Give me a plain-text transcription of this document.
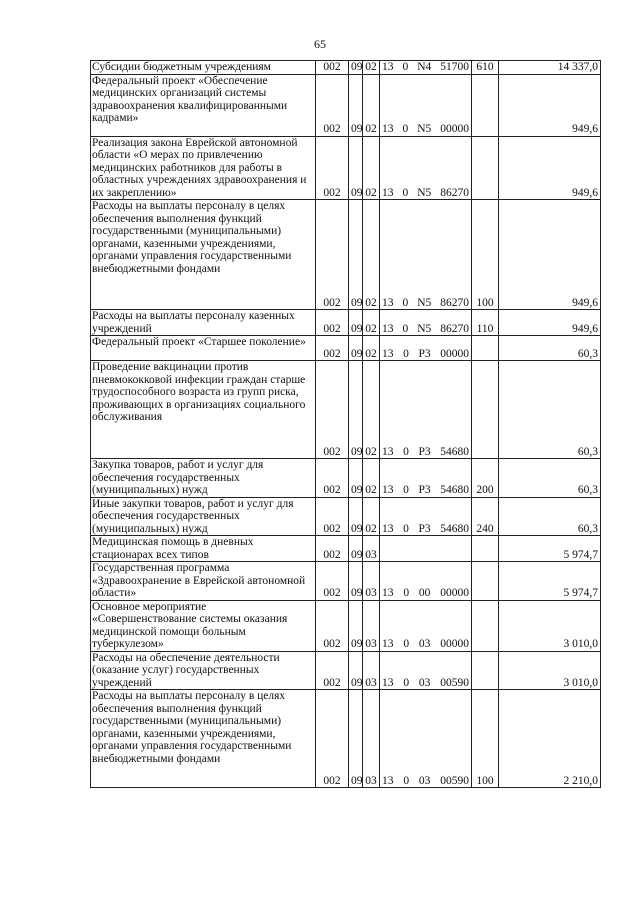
65
Субсидии бюджетным учреждениям	002	09	02	13 0 N4 51700	610	14 337,0
Федеральный проект «Обеспечение медицинских организаций системы здравоохранения квалифицированными кадрами»	002	09	02	13 0 N5 00000		949,6
Реализация закона Еврейской автономной области «О мерах по привлечению медицинских работников для работы в областных учреждениях здравоохранения и их закреплению»	002	09	02	13 0 N5 86270		949,6
Расходы на выплаты персоналу в целях обеспечения выполнения функций государственными (муниципальными) органами, казенными учреждениями, органами управления государственными внебюджетными фондами	002	09	02	13 0 N5 86270	100	949,6
Расходы на выплаты персоналу казенных учреждений	002	09	02	13 0 N5 86270	110	949,6
Федеральный проект «Старшее поколение»	002	09	02	13 0 P3 00000		60,3
Проведение вакцинации против пневмококковой инфекции граждан старше трудоспособного возраста из групп риска, проживающих в организациях социального обслуживания	002	09	02	13 0 P3 54680		60,3
Закупка товаров, работ и услуг для обеспечения государственных (муниципальных) нужд	002	09	02	13 0 P3 54680	200	60,3
Иные закупки товаров, работ и услуг для обеспечения государственных (муниципальных) нужд	002	09	02	13 0 P3 54680	240	60,3
Медицинская помощь в дневных стационарах всех типов	002	09	03			5 974,7
Государственная программа «Здравоохранение в Еврейской автономной области»	002	09	03	13 0 00 00000		5 974,7
Основное мероприятие «Совершенствование системы оказания медицинской помощи больным туберкулезом»	002	09	03	13 0 03 00000		3 010,0
Расходы на обеспечение деятельности (оказание услуг) государственных учреждений	002	09	03	13 0 03 00590		3 010,0
Расходы на выплаты персоналу в целях обеспечения выполнения функций государственными (муниципальными) органами, казенными учреждениями, органами управления государственными внебюджетными фондами	002	09	03	13 0 03 00590	100	2 210,0
